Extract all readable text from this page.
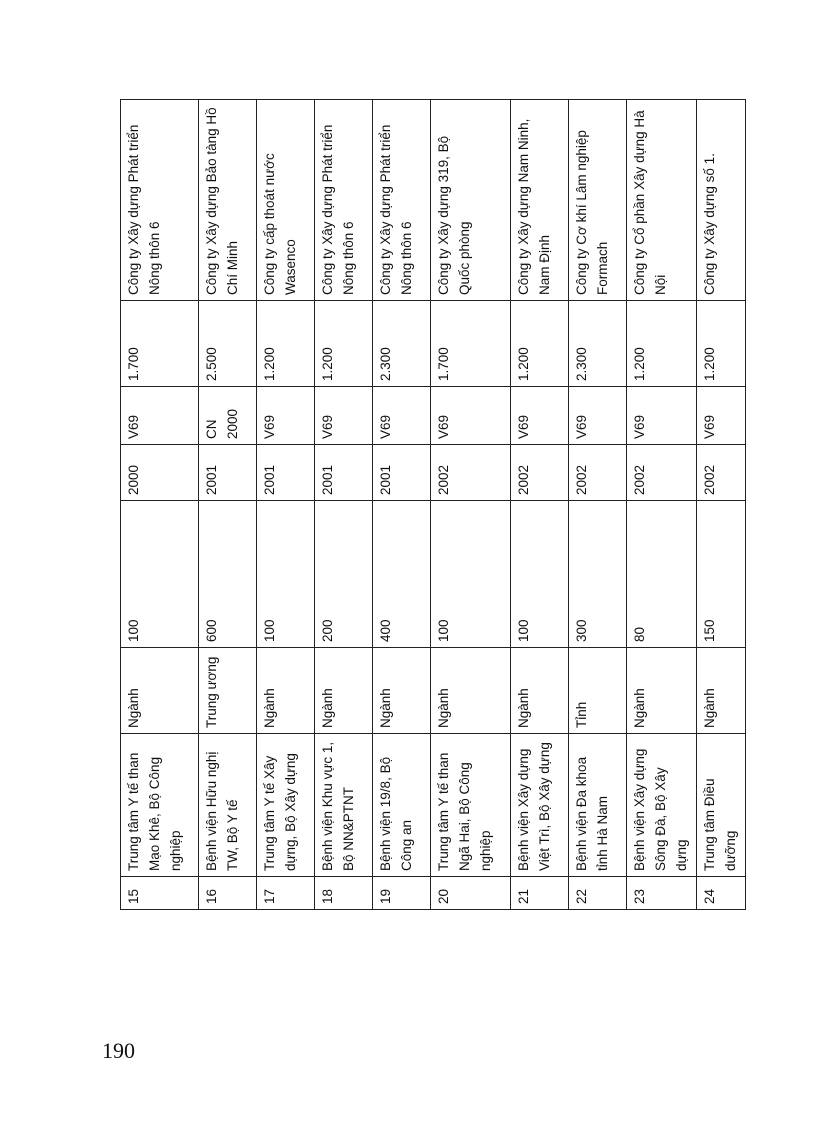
15	Trung tâm Y tế than Mạo Khê, Bộ Công nghiệp	Ngành	100	2000	V69	1.700	Công ty Xây dựng Phát triển Nông thôn 6
16	Bệnh viện Hữu nghị TW, Bộ Y tế	Trung ương	600	2001	CN 2000	2.500	Công ty Xây dựng Bảo tàng Hồ Chí Minh
17	Trung tâm Y tế Xây dựng, Bộ Xây dựng	Ngành	100	2001	V69	1.200	Công ty cấp thoát nước Wasenco
18	Bệnh viện Khu vực 1, Bộ NN&PTNT	Ngành	200	2001	V69	1.200	Công ty Xây dựng Phát triển Nông thôn 6
19	Bệnh viện 19/8, Bộ Công an	Ngành	400	2001	V69	2.300	Công ty Xây dựng Phát triển Nông thôn 6
20	Trung tâm Y tế than Ngã Hai, Bộ Công nghiệp	Ngành	100	2002	V69	1.700	Công ty Xây dựng 319, Bộ Quốc phòng
21	Bệnh viện Xây dựng Việt Trì, Bộ Xây dựng	Ngành	100	2002	V69	1.200	Công ty Xây dựng Nam Ninh, Nam Định
22	Bệnh viện Đa khoa tỉnh Hà Nam	Tỉnh	300	2002	V69	2.300	Công ty Cơ khí Lâm nghiệp Formach
23	Bệnh viện Xây dựng Sông Đà, Bộ Xây dựng	Ngành	80	2002	V69	1.200	Công ty Cổ phần Xây dựng Hà Nội
24	Trung tâm Điều dưỡng	Ngành	150	2002	V69	1.200	Công ty Xây dựng số 1.
190
